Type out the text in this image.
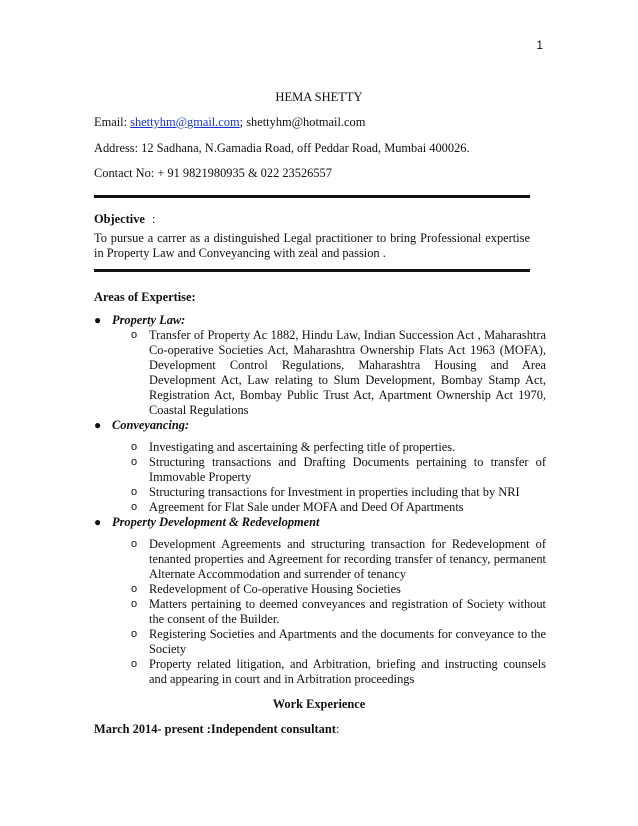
1
HEMA SHETTY
Email: shettyhm@gmail.com; shettyhm@hotmail.com
Address: 12 Sadhana, N.Gamadia Road, off Peddar Road, Mumbai 400026.
Contact No: + 91 9821980935 & 022 23526557
Objective :
To pursue a carrer as a distinguished Legal practitioner to bring Professional expertise in Property Law and Conveyancing with zeal and passion .
Areas of Expertise:
● Property Law:
o Transfer of Property Ac 1882, Hindu Law, Indian Succession Act , Maharashtra Co-operative Societies Act, Maharashtra Ownership Flats Act 1963 (MOFA), Development Control Regulations, Maharashtra Housing and Area Development Act, Law relating to Slum Development, Bombay Stamp Act, Registration Act, Bombay Public Trust Act, Apartment Ownership Act 1970, Coastal Regulations
● Conveyancing:
o Investigating and ascertaining & perfecting title of properties.
o Structuring transactions and Drafting Documents pertaining to transfer of Immovable Property
o Structuring transactions for Investment in properties including that by NRI
o Agreement for Flat Sale under MOFA and Deed Of Apartments
● Property Development & Redevelopment
o Development Agreements and structuring transaction for Redevelopment of tenanted properties and Agreement for recording transfer of tenancy, permanent Alternate Accommodation and surrender of tenancy
o Redevelopment of Co-operative Housing Societies
o Matters pertaining to deemed conveyances and registration of Society without the consent of the Builder.
o Registering Societies and Apartments and the documents for conveyance to the Society
o Property related litigation, and Arbitration, briefing and instructing counsels and appearing in court and in Arbitration proceedings
Work Experience
March 2014- present :Independent consultant:
